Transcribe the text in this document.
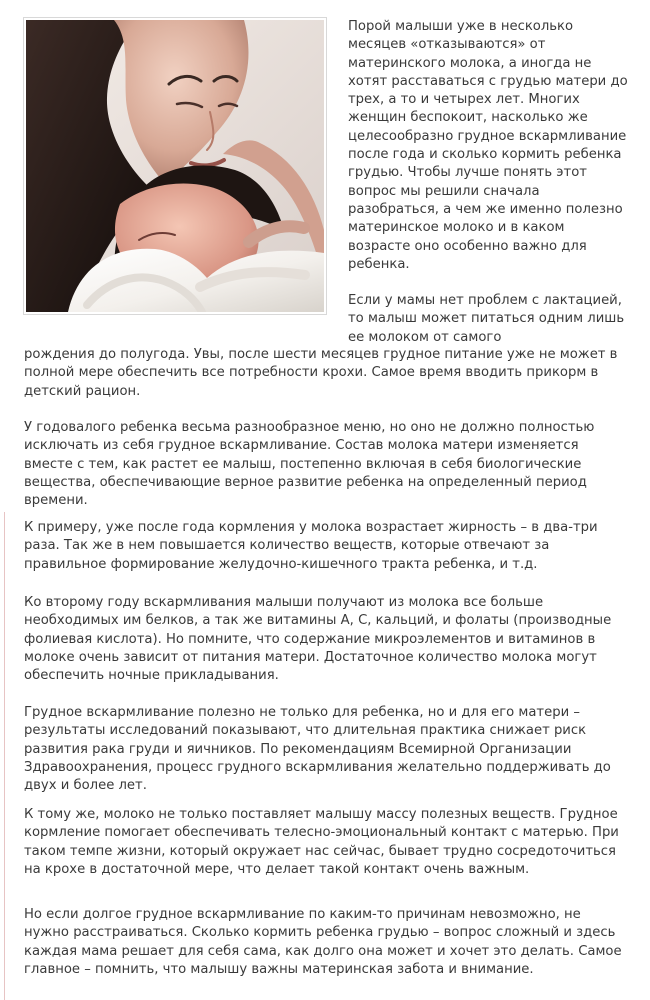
Порой малыши уже в несколько месяцев «отказываются» от материнского молока, а иногда не хотят расставаться с грудью матери до трех, а то и четырех лет. Многих женщин беспокоит, насколько же целесообразно грудное вскармливание после года и сколько кормить ребенка грудью. Чтобы лучше понять этот вопрос мы решили сначала разобраться, а чем же именно полезно материнское молоко и в каком возрасте оно особенно важно для ребенка.

Если у мамы нет проблем с лактацией, то малыш может питаться одним лишь ее молоком от самого

рождения до полугода. Увы, после шести месяцев грудное питание уже не может в полной мере обеспечить все потребности крохи. Самое время вводить прикорм в детский рацион.

У годовалого ребенка весьма разнообразное меню, но оно не должно полностью исключать из себя грудное вскармливание. Состав молока матери изменяется вместе с тем, как растет ее малыш, постепенно включая в себя биологические вещества, обеспечивающие верное развитие ребенка на определенный период времени.

К примеру, уже после года кормления у молока возрастает жирность – в два-три раза. Так же в нем повышается количество веществ, которые отвечают за правильное формирование желудочно-кишечного тракта ребенка, и т.д.

Ко второму году вскармливания малыши получают из молока все больше необходимых им белков, а так же витамины А, С, кальций, и фолаты (производные фолиевая кислота). Но помните, что содержание микроэлементов и витаминов в молоке очень зависит от питания матери. Достаточное количество молока могут обеспечить ночные прикладывания.

Грудное вскармливание полезно не только для ребенка, но и для его матери – результаты исследований показывают, что длительная практика снижает риск развития рака груди и яичников. По рекомендациям Всемирной Организации Здравоохранения, процесс грудного вскармливания желательно поддерживать до двух и более лет.

К тому же, молоко не только поставляет малышу массу полезных веществ. Грудное кормление помогает обеспечивать телесно-эмоциональный контакт с матерью. При таком темпе жизни, который окружает нас сейчас, бывает трудно сосредоточиться на крохе в достаточной мере, что делает такой контакт очень важным.

Но если долгое грудное вскармливание по каким-то причинам невозможно, не нужно расстраиваться. Сколько кормить ребенка грудью – вопрос сложный и здесь каждая мама решает для себя сама, как долго она может и хочет это делать. Самое главное – помнить, что малышу важны материнская забота и внимание.
